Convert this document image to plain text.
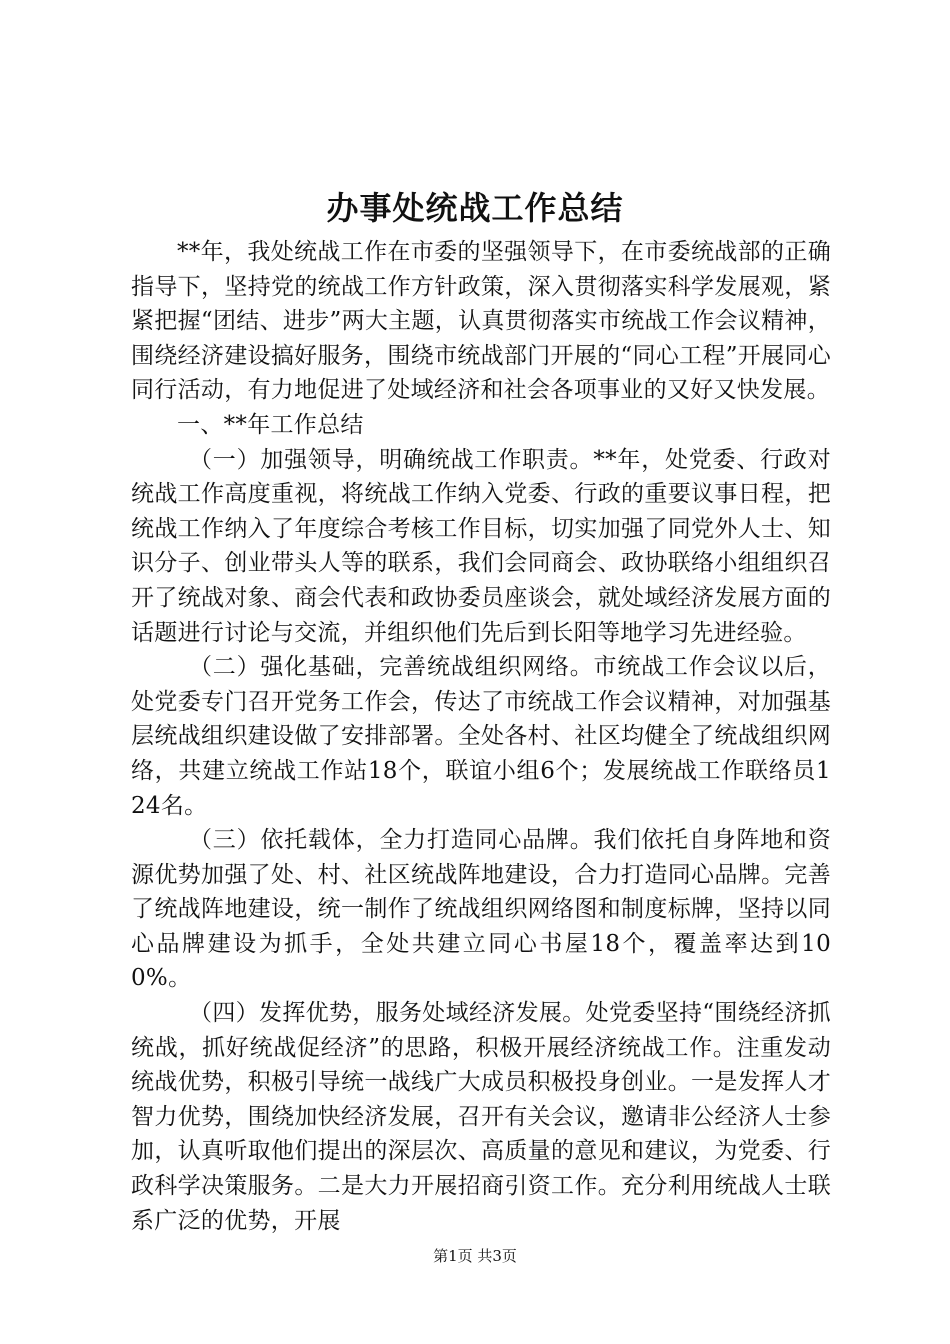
办事处统战工作总结

**年，我处统战工作在市委的坚强领导下，在市委统战部的正确指导下，坚持党的统战工作方针政策，深入贯彻落实科学发展观，紧紧把握“团结、进步”两大主题，认真贯彻落实市统战工作会议精神，围绕经济建设搞好服务，围绕市统战部门开展的“同心工程”开展同心同行活动，有力地促进了处域经济和社会各项事业的又好又快发展。

一、**年工作总结

（一）加强领导，明确统战工作职责。**年，处党委、行政对统战工作高度重视，将统战工作纳入党委、行政的重要议事日程，把统战工作纳入了年度综合考核工作目标，切实加强了同党外人士、知识分子、创业带头人等的联系，我们会同商会、政协联络小组组织召开了统战对象、商会代表和政协委员座谈会，就处域经济发展方面的话题进行讨论与交流，并组织他们先后到长阳等地学习先进经验。

（二）强化基础，完善统战组织网络。市统战工作会议以后，处党委专门召开党务工作会，传达了市统战工作会议精神，对加强基层统战组织建设做了安排部署。全处各村、社区均健全了统战组织网络，共建立统战工作站18个，联谊小组6个；发展统战工作联络员124名。

（三）依托载体，全力打造同心品牌。我们依托自身阵地和资源优势加强了处、村、社区统战阵地建设，合力打造同心品牌。完善了统战阵地建设，统一制作了统战组织网络图和制度标牌，坚持以同心品牌建设为抓手，全处共建立同心书屋18个，覆盖率达到100%。

（四）发挥优势，服务处域经济发展。处党委坚持“围绕经济抓统战，抓好统战促经济”的思路，积极开展经济统战工作。注重发动统战优势，积极引导统一战线广大成员积极投身创业。一是发挥人才智力优势，围绕加快经济发展，召开有关会议，邀请非公经济人士参加，认真听取他们提出的深层次、高质量的意见和建议，为党委、行政科学决策服务。二是大力开展招商引资工作。充分利用统战人士联系广泛的优势，开展

第1页 共3页
